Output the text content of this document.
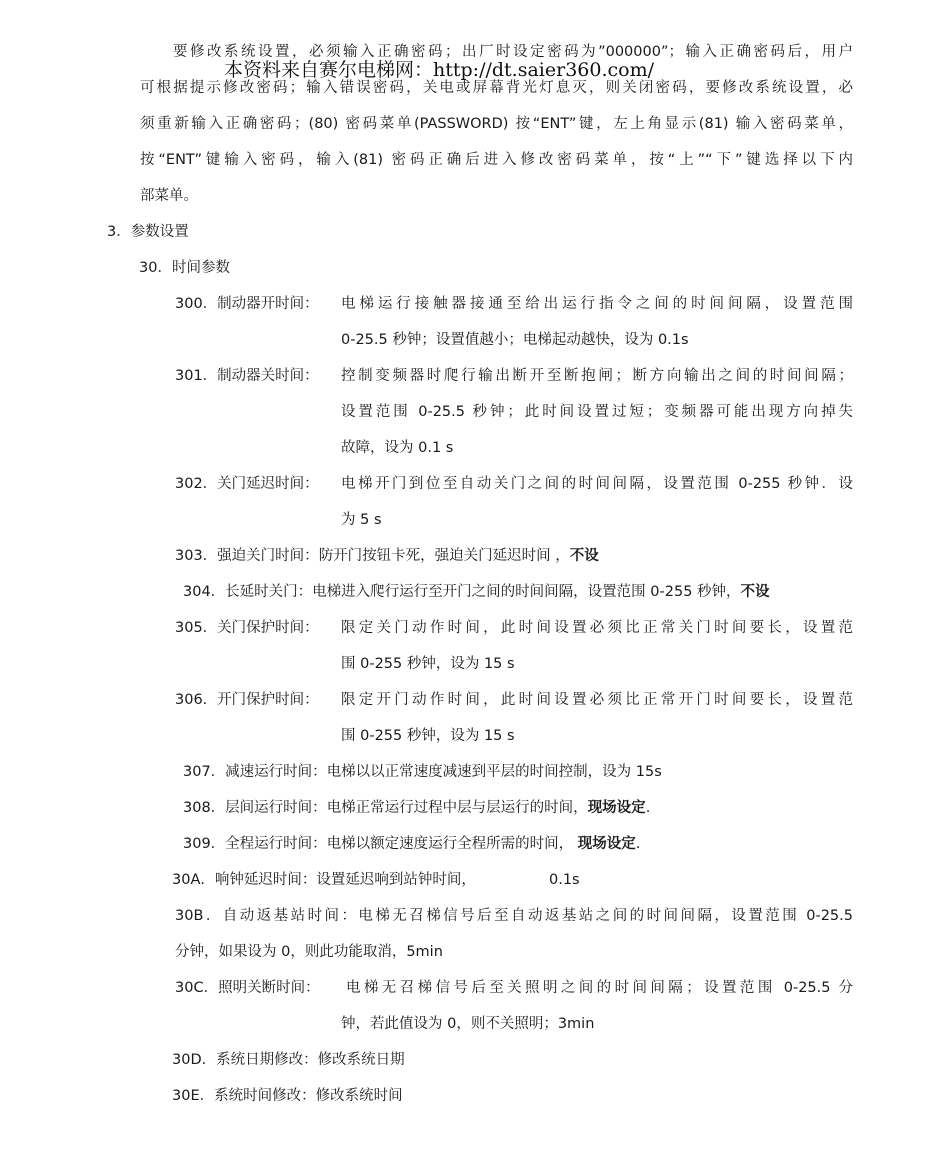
要修改系统设置，必须输入正确密码；出厂时设定密码为”000000”；输入正确密码后，用户
本资料来自赛尔电梯网：http://dt.saier360.com/
可根据提示修改密码；输入错误密码，关电或屏幕背光灯息灭，则关闭密码，要修改系统设置，必
须重新输入正确密码；(80) 密码菜单(PASSWORD) 按“ENT”键，左上角显示(81) 输入密码菜单，
按“ENT”键输入密码，输入(81) 密码正确后进入修改密码菜单，按“上”“下”键选择以下内
部菜单。
3．参数设置
30．时间参数
300．制动器开时间： 电梯运行接触器接通至给出运行指令之间的时间间隔，设置范围
0-25.5 秒钟；设置值越小；电梯起动越快，设为 0.1s
301．制动器关时间： 控制变频器时爬行输出断开至断抱闸；断方向输出之间的时间间隔；
设置范围 0-25.5 秒钟；此时间设置过短；变频器可能出现方向掉失
故障，设为 0.1 s
302．关门延迟时间： 电梯开门到位至自动关门之间的时间间隔，设置范围 0-255 秒钟．设
为 5 s
303．强迫关门时间：防开门按钮卡死，强迫关门延迟时间 ，不设
304．长延时关门：电梯进入爬行运行至开门之间的时间间隔，设置范围 0-255 秒钟，不设
305．关门保护时间： 限定关门动作时间，此时间设置必须比正常关门时间要长，设置范
围 0-255 秒钟，设为 15 s
306．开门保护时间： 限定开门动作时间，此时间设置必须比正常开门时间要长，设置范
围 0-255 秒钟，设为 15 s
307．减速运行时间：电梯以以正常速度减速到平层的时间控制，设为 15s
308．层间运行时间：电梯正常运行过程中层与层运行的时间，现场设定.
309．全程运行时间：电梯以额定速度运行全程所需的时间， 现场设定.
30A．响钟延迟时间：设置延迟响到站钟时间，	0.1s
30B．自动返基站时间：电梯无召梯信号后至自动返基站之间的时间间隔，设置范围 0-25.5
分钟，如果设为 0，则此功能取消，5min
30C．照明关断时间： 电梯无召梯信号后至关照明之间的时间间隔；设置范围 0-25.5 分
钟，若此值设为 0，则不关照明；3min
30D．系统日期修改：修改系统日期
30E．系统时间修改：修改系统时间
